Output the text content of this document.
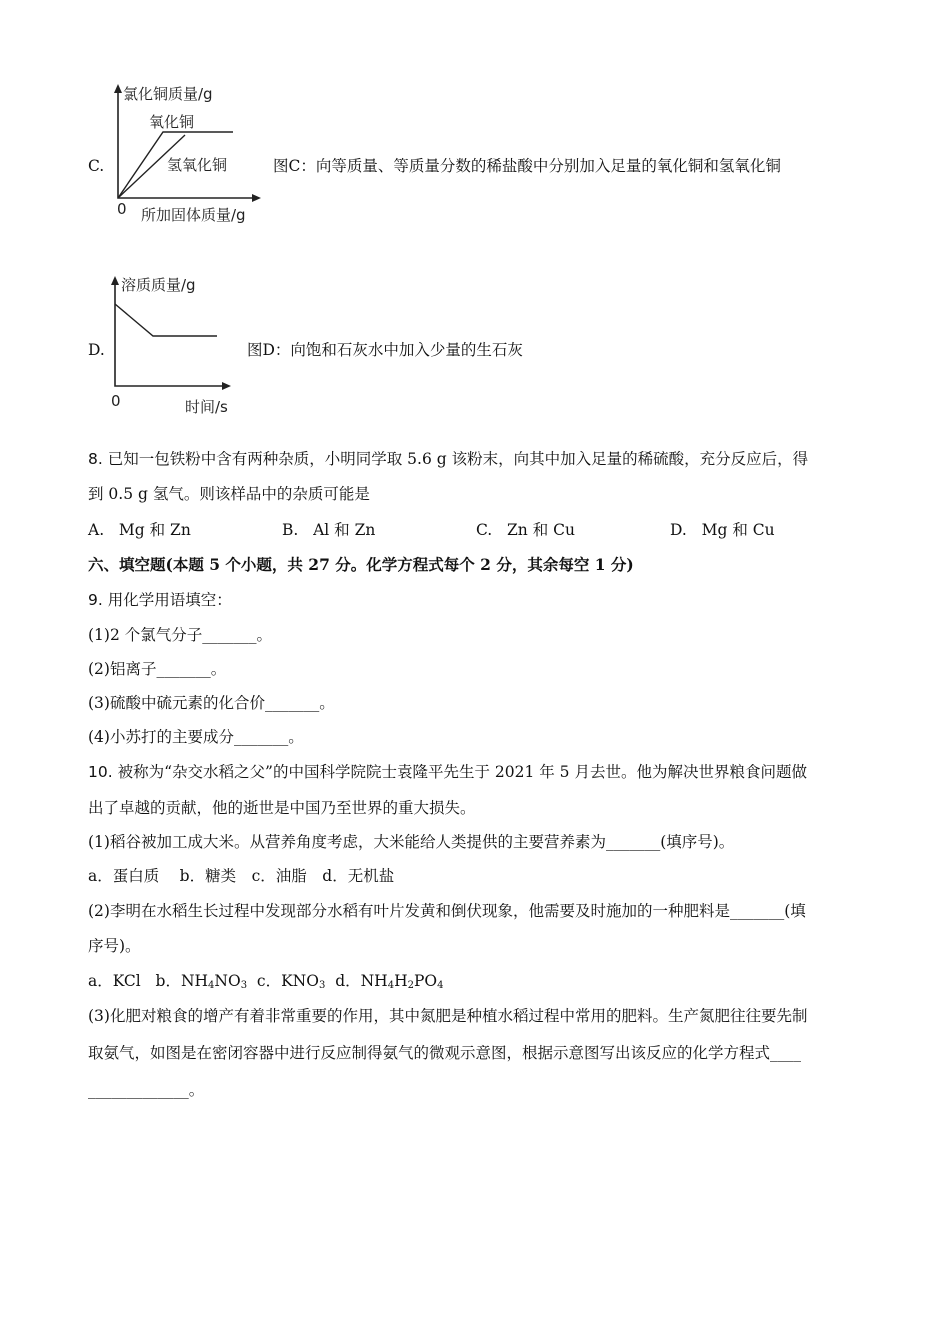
C.
氯化铜质量/g
氧化铜
氢氧化铜
0 所加固体质量/g
图C：向等质量、等质量分数的稀盐酸中分别加入足量的氧化铜和氢氧化铜
D.
溶质质量/g
0	时间/s
图D：向饱和石灰水中加入少量的生石灰
8. 已知一包铁粉中含有两种杂质，小明同学取 5.6 g 该粉末，向其中加入足量的稀硫酸，充分反应后，得
到 0.5 g 氢气。则该样品中的杂质可能是
A. Mg 和 Zn	B. Al 和 Zn	C. Zn 和 Cu	D. Mg 和 Cu
六、填空题(本题 5 个小题，共 27 分。化学方程式每个 2 分，其余每空 1 分)
9. 用化学用语填空：
(1)2 个氯气分子_______。
(2)铝离子_______。
(3)硫酸中硫元素的化合价_______。
(4)小苏打的主要成分_______。
10. 被称为“杂交水稻之父”的中国科学院院士袁隆平先生于 2021 年 5 月去世。他为解决世界粮食问题做
出了卓越的贡献，他的逝世是中国乃至世界的重大损失。
(1)稻谷被加工成大米。从营养角度考虑，大米能给人类提供的主要营养素为_______(填序号)。
a．蛋白质　 b．糖类　c．油脂　d．无机盐
(2)李明在水稻生长过程中发现部分水稻有叶片发黄和倒伏现象，他需要及时施加的一种肥料是_______(填
序号)。
a．KCl b．$NH_4NO_3$ c．$KNO_3$ d．$NH_4H_2PO_4$
(3)化肥对粮食的增产有着非常重要的作用，其中氮肥是种植水稻过程中常用的肥料。生产氮肥往往要先制
取氨气，如图是在密闭容器中进行反应制得氨气的微观示意图，根据示意图写出该反应的化学方程式____
_____________。
